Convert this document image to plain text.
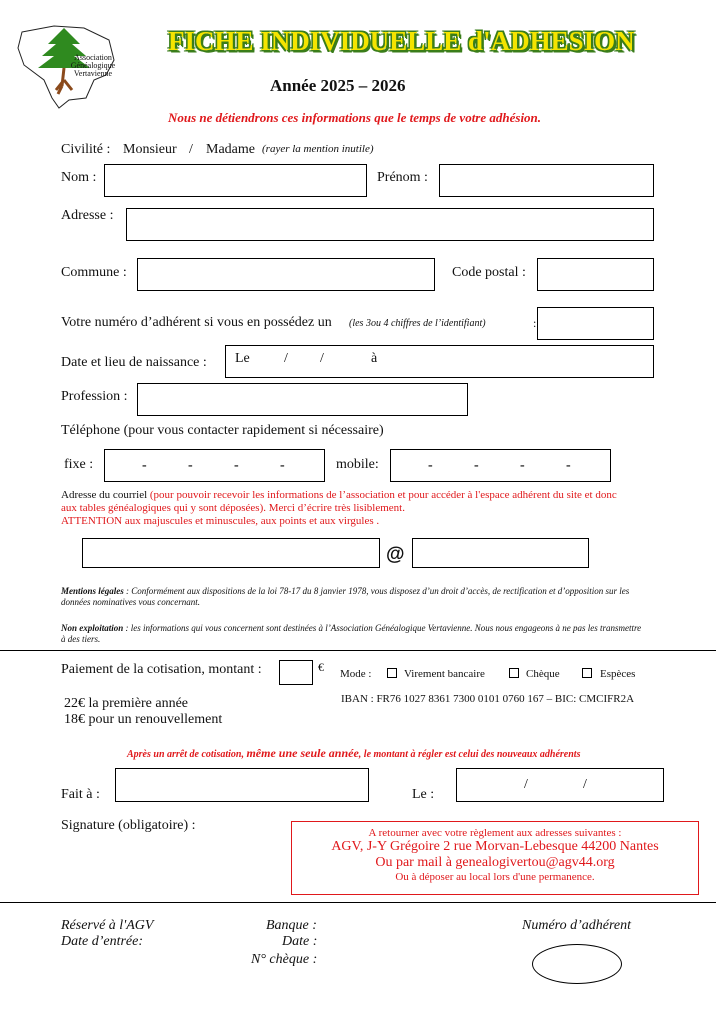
Association
Généalogique
Vertavienne
FICHE INDIVIDUELLE d'ADHESION
Année 2025 – 2026
Nous ne détiendrons ces informations que le temps de votre adhésion.
Civilité : Monsieur / Madame (rayer la mention inutile)
Nom :	Prénom :
Adresse :
Commune :	Code postal :
Votre numéro d’adhérent si vous en possédez un (les 3ou 4 chiffres de l’identifiant)	:
Date et lieu de naissance : Le / /	à
Profession :
Téléphone (pour vous contacter rapidement si nécessaire)
fixe :	-	-	-	-	mobile:	-	-	-	-
Adresse du courriel (pour pouvoir recevoir les informations de l’association et pour accéder à l'espace adhérent du site et donc
aux tables généalogiques qui y sont déposées). Merci d’écrire très lisiblement.
ATTENTION aux majuscules et minuscules, aux points et aux virgules .
@
Mentions légales : Conformément aux dispositions de la loi 78-17 du 8 janvier 1978, vous disposez d’un droit d’accès, de rectification et d’opposition sur les
données nominatives vous concernant.
Non exploitation : les informations qui vous concernent sont destinées à l’Association Généalogique Vertavienne. Nous nous engageons à ne pas les transmettre
à des tiers.
Paiement de la cotisation, montant :	€ Mode :	Virement bancaire	Chèque	Espèces
22€ la première année
18€ pour un renouvellement
IBAN : FR76 1027 8361 7300 0101 0760 167 – BIC: CMCIFR2A
Après un arrêt de cotisation, même une seule année, le montant à régler est celui des nouveaux adhérents
Fait à :	Le :
/	/
Signature (obligatoire) :	A retourner avec votre règlement aux adresses suivantes :
AGV, J-Y Grégoire 2 rue Morvan-Lebesque 44200 Nantes
Ou par mail à genealogivertou@agv44.org
Ou à déposer au local lors d'une permanence.
Réservé à l'AGV
Date d’entrée:
Banque :
Date :
N° chèque :
Numéro d’adhérent
